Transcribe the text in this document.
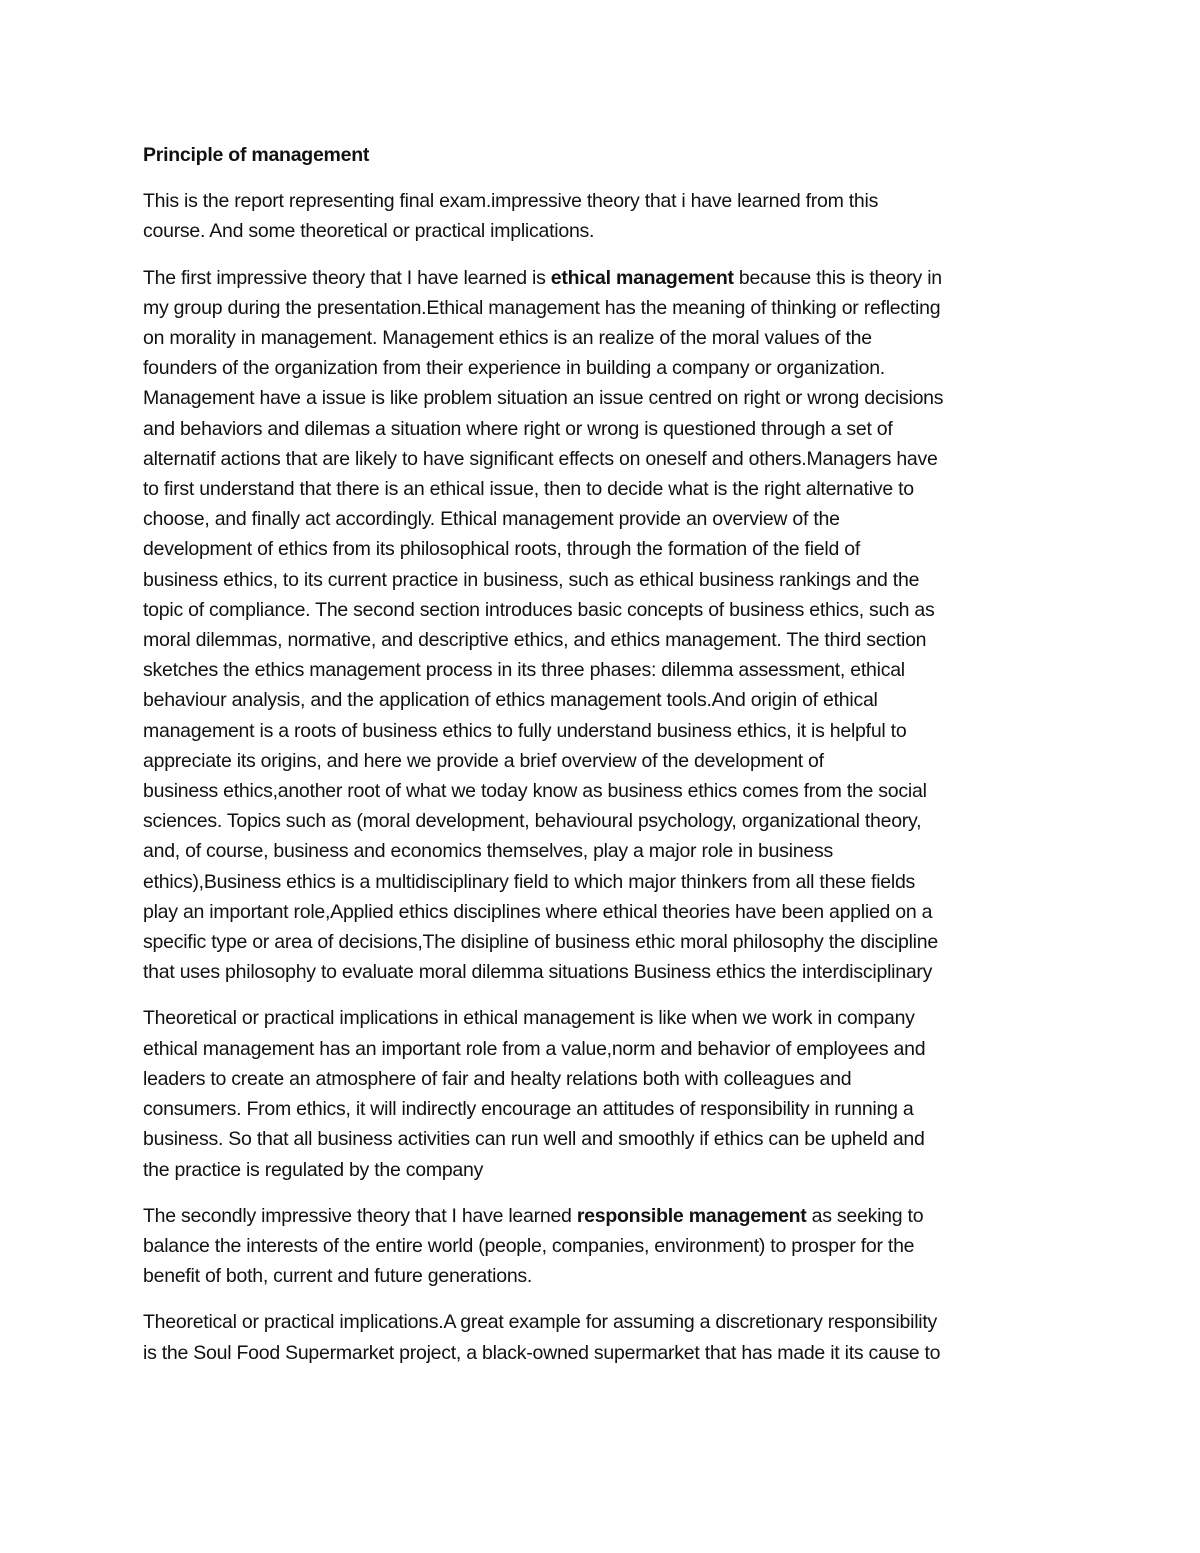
Principle of management

This is the report representing final exam.impressive theory that i have learned from this
course. And some theoretical or practical implications.

The first impressive theory that I have learned is ethical management because this is theory in
my group during the presentation.Ethical management has the meaning of thinking or reflecting
on morality in management. Management ethics is an realize of the moral values of the
founders of the organization from their experience in building a company or organization.
Management have a issue is like problem situation an issue centred on right or wrong decisions
and behaviors and dilemas a situation where right or wrong is questioned through a set of
alternatif actions that are likely to have significant effects on oneself and others.Managers have
to first understand that there is an ethical issue, then to decide what is the right alternative to
choose, and finally act accordingly. Ethical management provide an overview of the
development of ethics from its philosophical roots, through the formation of the field of
business ethics, to its current practice in business, such as ethical business rankings and the
topic of compliance. The second section introduces basic concepts of business ethics, such as
moral dilemmas, normative, and descriptive ethics, and ethics management. The third section
sketches the ethics management process in its three phases: dilemma assessment, ethical
behaviour analysis, and the application of ethics management tools.And origin of ethical
management is a roots of business ethics to fully understand business ethics, it is helpful to
appreciate its origins, and here we provide a brief overview of the development of
business ethics,another root of what we today know as business ethics comes from the social
sciences. Topics such as (moral development, behavioural psychology, organizational theory,
and, of course, business and economics themselves, play a major role in business
ethics),Business ethics is a multidisciplinary field to which major thinkers from all these fields
play an important role,Applied ethics disciplines where ethical theories have been applied on a
specific type or area of decisions,The disipline of business ethic moral philosophy the discipline
that uses philosophy to evaluate moral dilemma situations Business ethics the interdisciplinary

Theoretical or practical implications in ethical management is like when we work in company
ethical management has an important role from a value,norm and behavior of employees and
leaders to create an atmosphere of fair and healty relations both with colleagues and
consumers. From ethics, it will indirectly encourage an attitudes of responsibility in running a
business. So that all business activities can run well and smoothly if ethics can be upheld and
the practice is regulated by the company

The secondly impressive theory that I have learned responsible management as seeking to
balance the interests of the entire world (people, companies, environment) to prosper for the
benefit of both, current and future generations.

Theoretical or practical implications.A great example for assuming a discretionary responsibility
is the Soul Food Supermarket project, a black-owned supermarket that has made it its cause to
